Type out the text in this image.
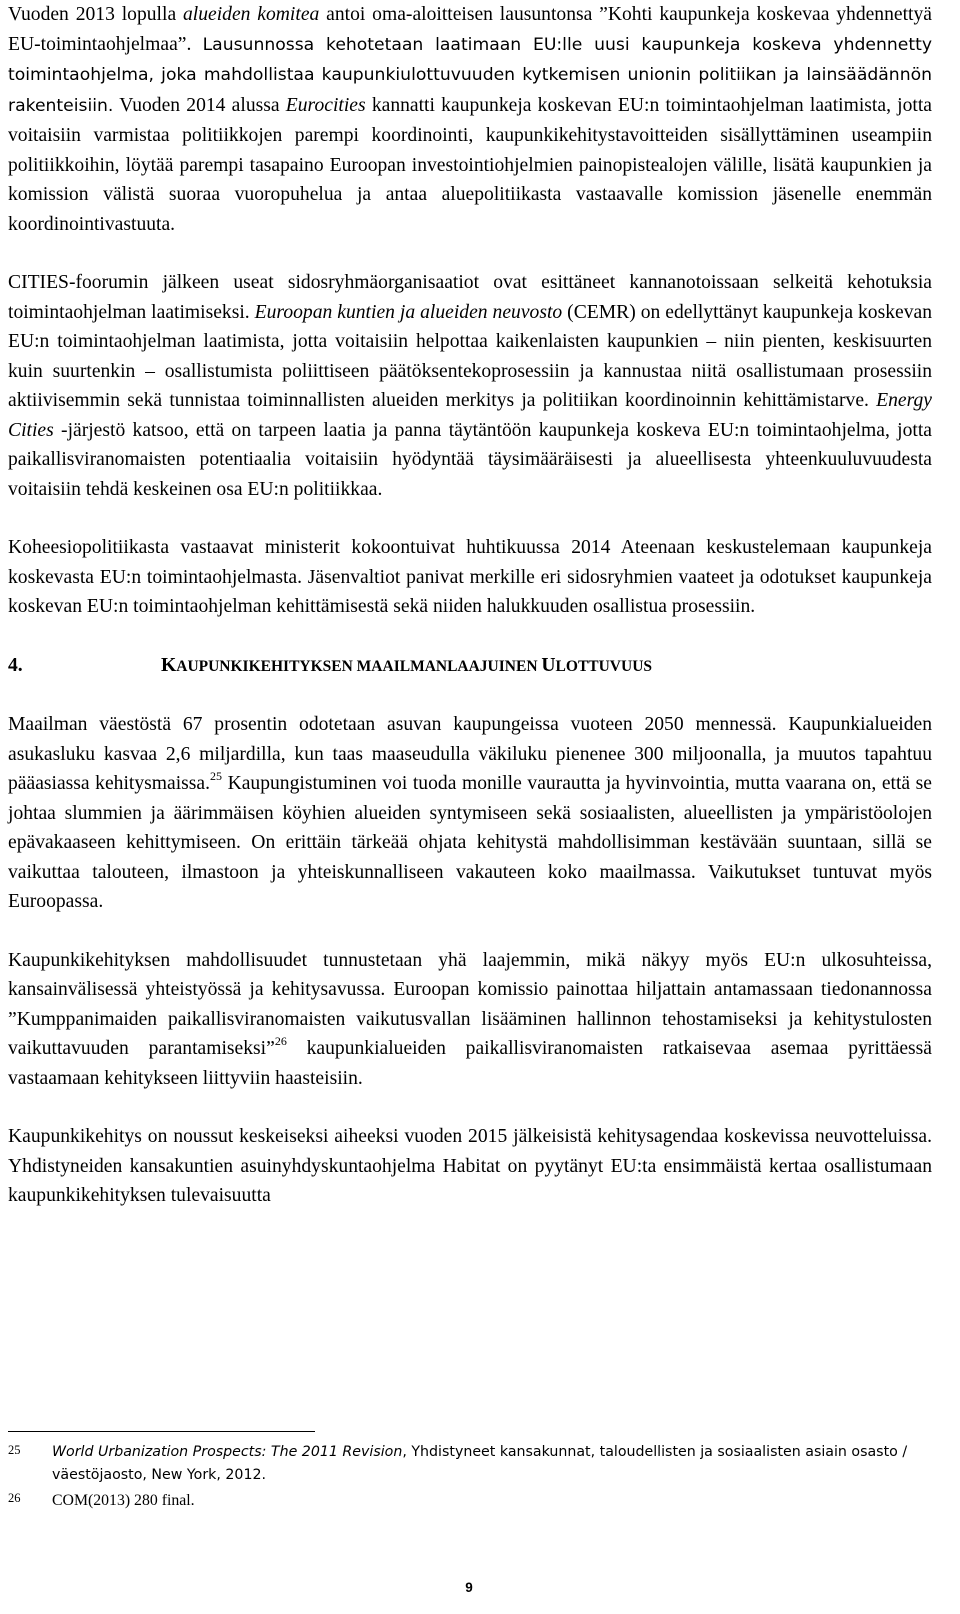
Vuoden 2013 lopulla alueiden komitea antoi oma-aloitteisen lausuntonsa ”Kohti kaupunkeja koskevaa yhdennettyä EU-toimintaohjelmaa”. Lausunnossa kehotetaan laatimaan EU:lle uusi kaupunkeja koskeva yhdennetty toimintaohjelma, joka mahdollistaa kaupunkiulottuvuuden kytkemisen unionin politiikan ja lainsäädännön rakenteisiin. Vuoden 2014 alussa Eurocities kannatti kaupunkeja koskevan EU:n toimintaohjelman laatimista, jotta voitaisiin varmistaa politiikkojen parempi koordinointi, kaupunkikehitystavoitteiden sisällyttäminen useampiin politiikkoihin, löytää parempi tasapaino Euroopan investointiohjelmien painopistealojen välille, lisätä kaupunkien ja komission välistä suoraa vuoropuhelua ja antaa aluepolitiikasta vastaavalle komission jäsenelle enemmän koordinointivastuuta.

CITIES-foorumin jälkeen useat sidosryhmäorganisaatiot ovat esittäneet kannanotoissaan selkeitä kehotuksia toimintaohjelman laatimiseksi. Euroopan kuntien ja alueiden neuvosto (CEMR) on edellyttänyt kaupunkeja koskevan EU:n toimintaohjelman laatimista, jotta voitaisiin helpottaa kaikenlaisten kaupunkien – niin pienten, keskisuurten kuin suurtenkin – osallistumista poliittiseen päätöksentekoprosessiin ja kannustaa niitä osallistumaan prosessiin aktiivisemmin sekä tunnistaa toiminnallisten alueiden merkitys ja politiikan koordinoinnin kehittämistarve. Energy Cities -järjestö katsoo, että on tarpeen laatia ja panna täytäntöön kaupunkeja koskeva EU:n toimintaohjelma, jotta paikallisviranomaisten potentiaalia voitaisiin hyödyntää täysimääräisesti ja alueellisesta yhteenkuuluvuudesta voitaisiin tehdä keskeinen osa EU:n politiikkaa.

Koheesiopolitiikasta vastaavat ministerit kokoontuivat huhtikuussa 2014 Ateenaan keskustelemaan kaupunkeja koskevasta EU:n toimintaohjelmasta. Jäsenvaltiot panivat merkille eri sidosryhmien vaateet ja odotukset kaupunkeja koskevan EU:n toimintaohjelman kehittämisestä sekä niiden halukkuuden osallistua prosessiin.

4.	KAUPUNKIKEHITYKSEN MAAILMANLAAJUINEN ULOTTUVUUS

Maailman väestöstä 67 prosentin odotetaan asuvan kaupungeissa vuoteen 2050 mennessä. Kaupunkialueiden asukasluku kasvaa 2,6 miljardilla, kun taas maaseudulla väkiluku pienenee 300 miljoonalla, ja muutos tapahtuu pääasiassa kehitysmaissa.$^{25}$ Kaupungistuminen voi tuoda monille vaurautta ja hyvinvointia, mutta vaarana on, että se johtaa slummien ja äärimmäisen köyhien alueiden syntymiseen sekä sosiaalisten, alueellisten ja ympäristöolojen epävakaaseen kehittymiseen. On erittäin tärkeää ohjata kehitystä mahdollisimman kestävään suuntaan, sillä se vaikuttaa talouteen, ilmastoon ja yhteiskunnalliseen vakauteen koko maailmassa. Vaikutukset tuntuvat myös Euroopassa.

Kaupunkikehityksen mahdollisuudet tunnustetaan yhä laajemmin, mikä näkyy myös EU:n ulkosuhteissa, kansainvälisessä yhteistyössä ja kehitysavussa. Euroopan komissio painottaa hiljattain antamassaan tiedonannossa ”Kumppanimaiden paikallisviranomaisten vaikutusvallan lisääminen hallinnon tehostamiseksi ja kehitystulosten vaikuttavuuden parantamiseksi”$^{26}$ kaupunkialueiden paikallisviranomaisten ratkaisevaa asemaa pyrittäessä vastaamaan kehitykseen liittyviin haasteisiin.

Kaupunkikehitys on noussut keskeiseksi aiheeksi vuoden 2015 jälkeisistä kehitysagendaa koskevissa neuvotteluissa. Yhdistyneiden kansakuntien asuinyhdyskuntaohjelma Habitat on pyytänyt EU:ta ensimmäistä kertaa osallistumaan kaupunkikehityksen tulevaisuutta

25	World Urbanization Prospects: The 2011 Revision, Yhdistyneet kansakunnat, taloudellisten ja sosiaalisten asiain osasto / väestöjaosto, New York, 2012.
26	COM(2013) 280 final.
9
